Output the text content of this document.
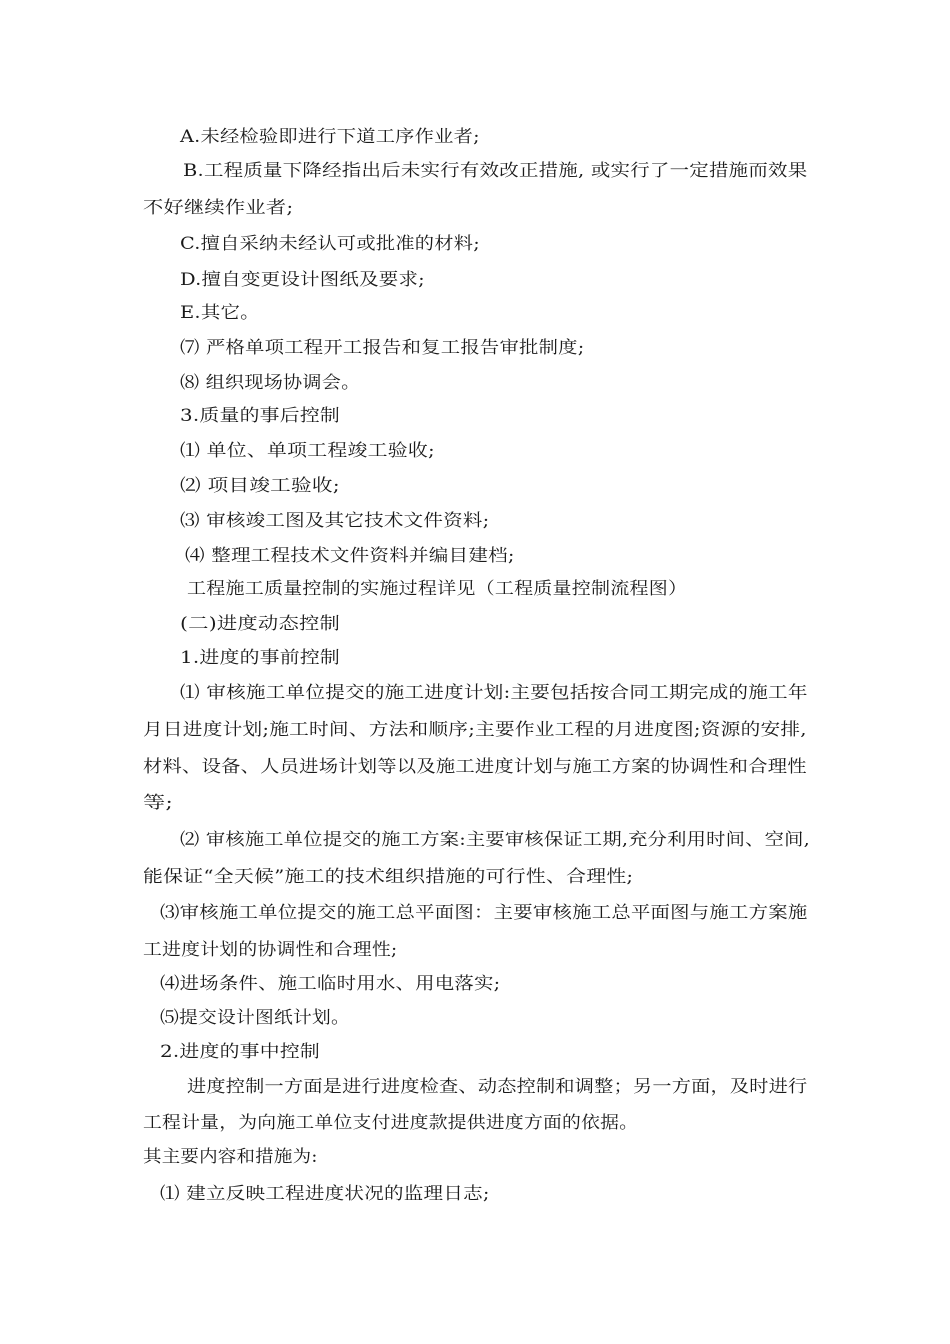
A.未经检验即进行下道工序作业者;
B.工程质量下降经指出后未实行有效改正措施, 或实行了一定措施而效果
不好继续作业者;
C.擅自采纳未经认可或批准的材料;
D.擅自变更设计图纸及要求;
E.其它。
⑺ 严格单项工程开工报告和复工报告审批制度;
⑻ 组织现场协调会。
3.质量的事后控制
⑴ 单位、单项工程竣工验收;
⑵ 项目竣工验收;
⑶ 审核竣工图及其它技术文件资料;
⑷ 整理工程技术文件资料并编目建档;
工程施工质量控制的实施过程详见（工程质量控制流程图）
(二)进度动态控制
1.进度的事前控制
⑴ 审核施工单位提交的施工进度计划:主要包括按合同工期完成的施工年
月日进度计划;施工时间、方法和顺序;主要作业工程的月进度图;资源的安排,
材料、设备、人员进场计划等以及施工进度计划与施工方案的协调性和合理性
等;
⑵ 审核施工单位提交的施工方案:主要审核保证工期,充分利用时间、空间,
能保证“全天候”施工的技术组织措施的可行性、合理性;
⑶审核施工单位提交的施工总平面图：主要审核施工总平面图与施工方案施
工进度计划的协调性和合理性;
⑷进场条件、施工临时用水、用电落实;
⑸提交设计图纸计划。
2.进度的事中控制
进度控制一方面是进行进度检查、动态控制和调整；另一方面，及时进行
工程计量，为向施工单位支付进度款提供进度方面的依据。
其主要内容和措施为:
⑴ 建立反映工程进度状况的监理日志;
